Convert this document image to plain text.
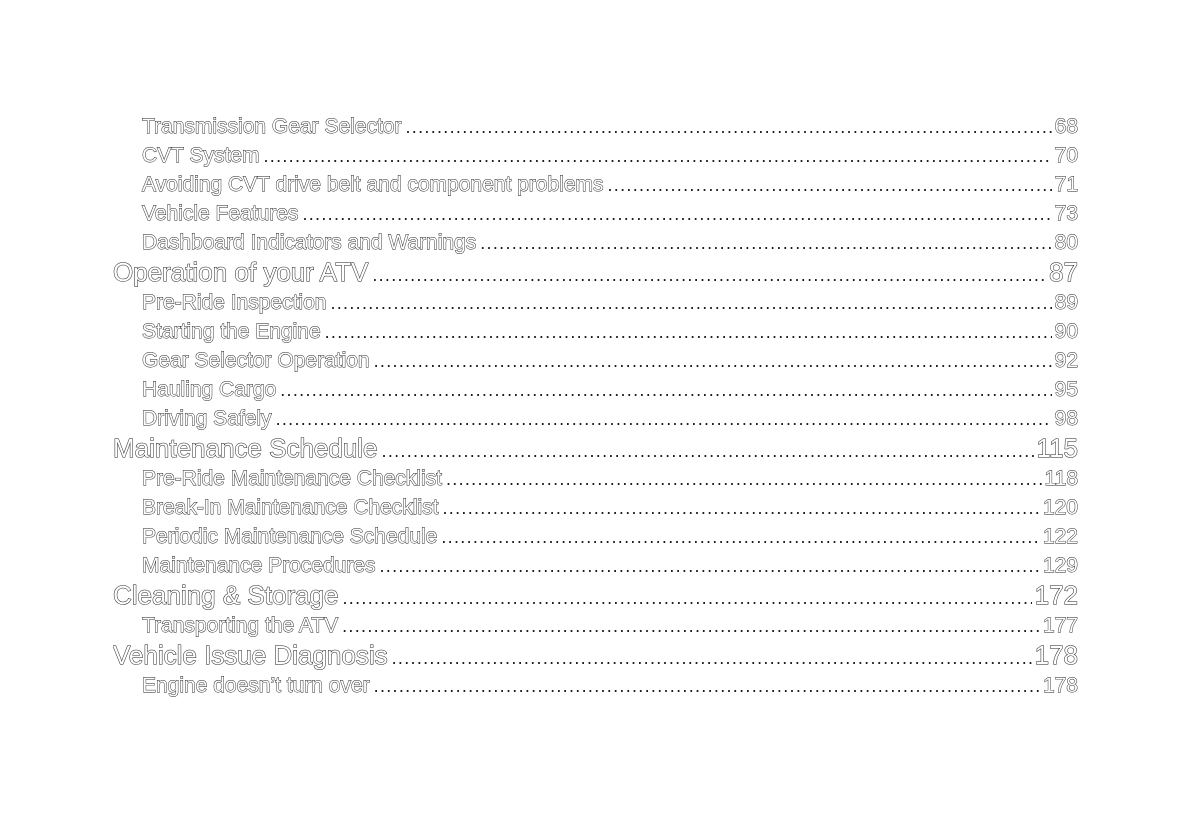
Transmission Gear Selector .....	68
CVT System .....	70
Avoiding CVT drive belt and component problems .....	71
Vehicle Features .....	73
Dashboard Indicators and Warnings .....	80
Operation of your ATV .....	87
Pre-Ride Inspection .....	89
Starting the Engine .....	90
Gear Selector Operation .....	92
Hauling Cargo .....	95
Driving Safely .....	98
Maintenance Schedule .....	115
Pre-Ride Maintenance Checklist .....	118
Break-In Maintenance Checklist .....	120
Periodic Maintenance Schedule .....	122
Maintenance Procedures .....	129
Cleaning & Storage .....	172
Transporting the ATV .....	177
Vehicle Issue Diagnosis .....	178
Engine doesn’t turn over .....	178
